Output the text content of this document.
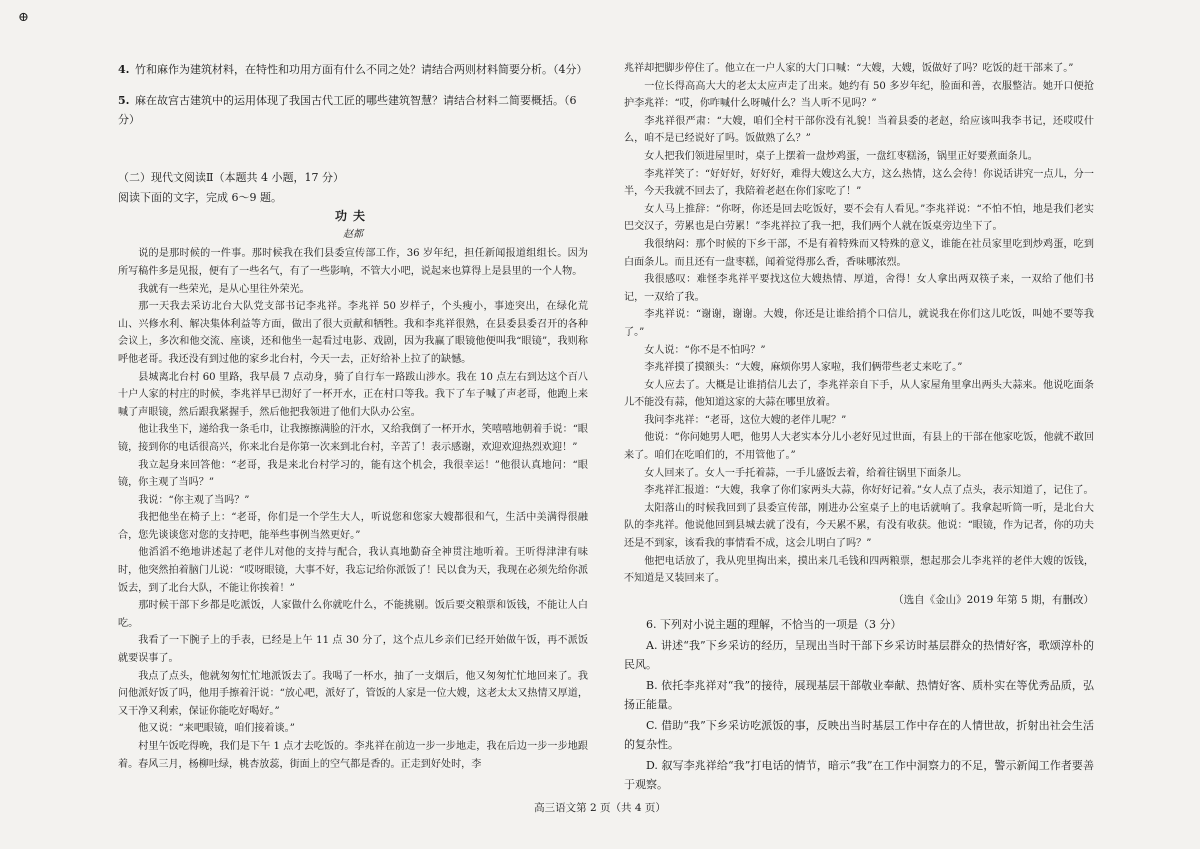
⊕
4. 竹和麻作为建筑材料，在特性和功用方面有什么不同之处？请结合两则材料简要分析。（4分）
5. 麻在故宫古建筑中的运用体现了我国古代工匠的哪些建筑智慧？请结合材料二简要概括。（6分）
（二）现代文阅读Ⅱ（本题共 4 小题，17 分）
阅读下面的文字，完成 6～9 题。
功夫
赵都

说的是那时候的一件事。那时候我在我们县委宣传部工作，36 岁年纪，担任新闻报道组组长。因为所写稿件多是见报，便有了一些名气，有了一些影响，不管大小吧，说起来也算得上是县里的一个人物。

我就有一些荣光，是从心里往外荣光。

那一天我去采访北台大队党支部书记李兆祥。李兆祥 50 岁样子，个头瘦小，事迹突出，在绿化荒山、兴修水利、解决集体利益等方面，做出了很大贡献和牺牲。我和李兆祥很熟，在县委县委召开的各种会议上，多次和他交流、座谈，还和他坐一起看过电影、戏剧，因为我赢了眼镜他便叫我“眼镜”，我则称呼他老哥。我还没有到过他的家乡北台村，今天一去，正好给补上拉了的缺憾。

县城离北台村 60 里路，我早晨 7 点动身，骑了自行车一路跋山涉水。我在 10 点左右到达这个百八十户人家的村庄的时候，李兆祥早已沏好了一杯开水，正在村口等我。我下了车子喊了声老哥，他跑上来喊了声眼镜，然后跟我紧握手，然后他把我领进了他们大队办公室。

他让我坐下，递给我一条毛巾，让我擦擦满脸的汗水，又给我倒了一杯开水，笑嘻嘻地朝着手说：“眼镜，接到你的电话很高兴，你来北台是你第一次来到北台村，辛苦了！表示感谢，欢迎欢迎热烈欢迎！”

我立起身来回答他：“老哥，我是来北台村学习的，能有这个机会，我很幸运！”他很认真地问：“眼镜，你主观了当吗？”

我说：“你主观了当吗？”

我把他坐在椅子上：“老哥，你们是一个学生大人，听说您和您家大嫂都很和气，生活中美满得很融合，您先谈谈您对您的支持吧，能举些事例当然更好。”

他滔滔不绝地讲述起了老伴儿对他的支持与配合，我认真地勤奋全神贯注地听着。王听得津津有味时，他突然拍着脑门儿说：“哎呀眼镜，大事不好，我忘记给你派饭了！民以食为天，我现在必须先给你派饭去，到了北台大队，不能让你挨着！”

那时候干部下乡都是吃派饭，人家做什么你就吃什么，不能挑剔。饭后要交粮票和饭钱，不能让人白吃。

我看了一下腕子上的手表，已经是上午 11 点 30 分了，这个点儿乡亲们已经开始做午饭，再不派饭就要误事了。

我点了点头，他就匆匆忙忙地派饭去了。我喝了一杯水，抽了一支烟后，他又匆匆忙忙地回来了。我问他派好饭了吗，他用手擦着汗说：“放心吧，派好了，管饭的人家是一位大嫂，这老太太又热情又厚道，又干净又利索，保证你能吃好喝好。”

他又说：“来吧眼镜，咱们接着谈。”

村里午饭吃得晚，我们是下午 1 点才去吃饭的。李兆祥在前边一步一步地走，我在后边一步一步地跟着。春风三月，杨柳吐绿，桃杏放蕊，街面上的空气都是香的。正走到好处时，李

兆祥却把脚步停住了。他立在一户人家的大门口喊：“大嫂，大嫂，饭做好了吗？吃饭的赶干部来了。”

一位长得高高大大的老太太应声走了出来。她约有 50 多岁年纪，脸面和善，衣服整洁。她开口便抢护李兆祥：“哎，你咋喊什么呀喊什么？当人听不见吗？”

李兆祥很严肃：“大嫂，咱们全村干部你没有礼貌！当着县委的老赵，给应该叫我李书记，还哎哎什么，咱不是已经说好了吗。饭做熟了么？”

女人把我们领进屋里时，桌子上摆着一盘炒鸡蛋，一盘红枣糕汤，锅里正好要煮面条儿。

李兆祥笑了：“好好好，好好好，难得大嫂这么大方，这么热情，这么会待！你说话讲究一点儿，分一半，今天我就不回去了，我陪着老赵在你们家吃了！”

女人马上推辞：“你呀，你还是回去吃饭好，要不会有人看见。”李兆祥说：“不怕不怕，地是我们老实巴交汉子，劳累也是白劳累！”李兆祥拉了我一把，我们两个人就在饭桌旁边坐下了。

我很纳闷：那个时候的下乡干部，不是有着特殊而又特殊的意义，谁能在社员家里吃到炒鸡蛋，吃到白面条儿。而且还有一盘枣糕，闻着觉得那么香，香味哪浓烈。

我很感叹：难怪李兆祥平要找这位大嫂热情、厚道，舍得！女人拿出两双筷子来，一双给了他们书记，一双给了我。

李兆祥说：“谢谢，谢谢。大嫂，你还是让谁给捎个口信儿，就说我在你们这儿吃饭，叫她不要等我了。”

女人说：“你不是不怕吗？”

李兆祥摸了摸额头：“大嫂，麻烦你男人家啦，我们俩带些老丈来吃了。”

女人应去了。大概是让谁捎信儿去了，李兆祥亲自下手，从人家屋角里拿出两头大蒜来。他说吃面条儿不能没有蒜，他知道这家的大蒜在哪里放着。

我问李兆祥：“老哥，这位大嫂的老伴儿呢？”

他说：“你问她男人吧，他男人大老实本分儿小老好见过世面，有县上的干部在他家吃饭，他就不敢回来了。咱们在吃咱们的，不用管他了。”

女人回来了。女人一手托着蒜，一手儿盛饭去着，给着往锅里下面条儿。

李兆祥汇报道：“大嫂，我拿了你们家两头大蒜，你好好记着。”女人点了点头，表示知道了，记住了。

太阳落山的时候我回到了县委宣传部，刚进办公室桌子上的电话就响了。我拿起听筒一听，是北台大队的李兆祥。他说他回到县城去就了没有，今天累不累，有没有收获。他说：“眼镜，作为记者，你的功夫还是不到家，该看我的事情看不成，这会儿明白了吗？”

他把电话放了，我从兜里掏出来，摸出来几毛钱和四两粮票，想起那会儿李兆祥的老伴大嫂的饭钱，不知道是又装回来了。

（选自《金山》2019 年第 5 期，有删改）

6. 下列对小说主题的理解，不恰当的一项是（3 分）

A. 讲述“我”下乡采访的经历，呈现出当时干部下乡采访时基层群众的热情好客，歌颂淳朴的民风。

B. 依托李兆祥对“我”的接待，展现基层干部敬业奉献、热情好客、质朴实在等优秀品质，弘扬正能量。

C. 借助“我”下乡采访吃派饭的事，反映出当时基层工作中存在的人情世故，折射出社会生活的复杂性。

D. 叙写李兆祥给“我”打电话的情节，暗示“我”在工作中洞察力的不足，警示新闻工作者要善于观察。

高三语文第 2 页（共 4 页）
